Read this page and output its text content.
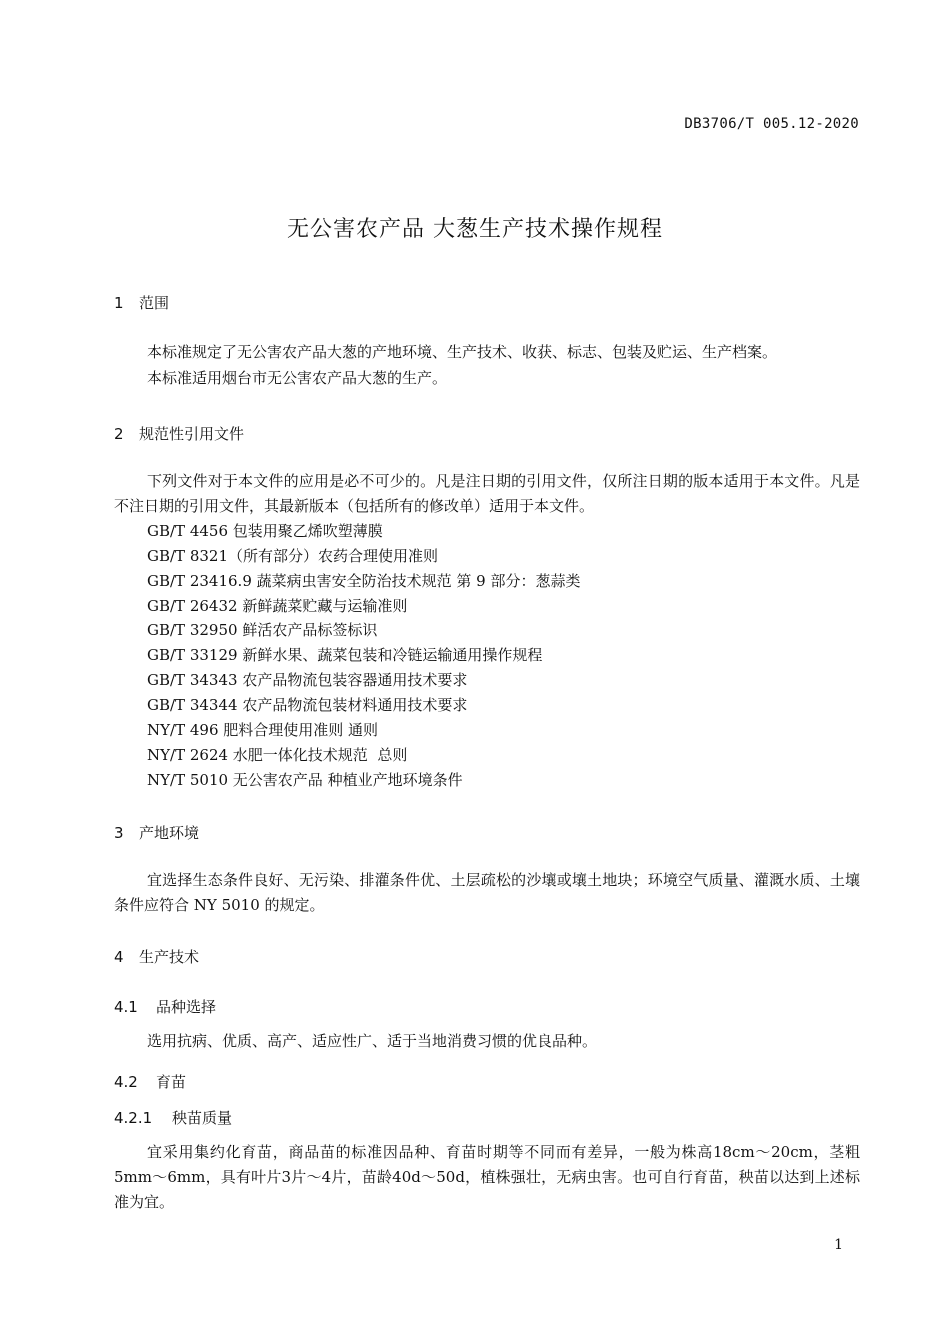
DB3706/T 005.12-2020
无公害农产品 大葱生产技术操作规程
1 范围
本标准规定了无公害农产品大葱的产地环境、生产技术、收获、标志、包装及贮运、生产档案。
本标准适用烟台市无公害农产品大葱的生产。
2 规范性引用文件
下列文件对于本文件的应用是必不可少的。凡是注日期的引用文件，仅所注日期的版本适用于本文件。凡是不注日期的引用文件，其最新版本（包括所有的修改单）适用于本文件。
GB/T 4456 包装用聚乙烯吹塑薄膜
GB/T 8321（所有部分）农药合理使用准则
GB/T 23416.9 蔬菜病虫害安全防治技术规范 第 9 部分：葱蒜类
GB/T 26432 新鲜蔬菜贮藏与运输准则
GB/T 32950 鲜活农产品标签标识
GB/T 33129 新鲜水果、蔬菜包装和冷链运输通用操作规程
GB/T 34343 农产品物流包装容器通用技术要求
GB/T 34344 农产品物流包装材料通用技术要求
NY/T 496 肥料合理使用准则 通则
NY/T 2624 水肥一体化技术规范  总则
NY/T 5010 无公害农产品 种植业产地环境条件
3 产地环境
宜选择生态条件良好、无污染、排灌条件优、土层疏松的沙壤或壤土地块；环境空气质量、灌溉水质、土壤条件应符合 NY 5010 的规定。
4 生产技术
4.1 品种选择
选用抗病、优质、高产、适应性广、适于当地消费习惯的优良品种。
4.2 育苗
4.2.1 秧苗质量
宜采用集约化育苗，商品苗的标准因品种、育苗时期等不同而有差异，一般为株高18cm～20cm，茎粗5mm～6mm，具有叶片3片～4片，苗龄40d～50d，植株强壮，无病虫害。也可自行育苗，秧苗以达到上述标准为宜。
1
